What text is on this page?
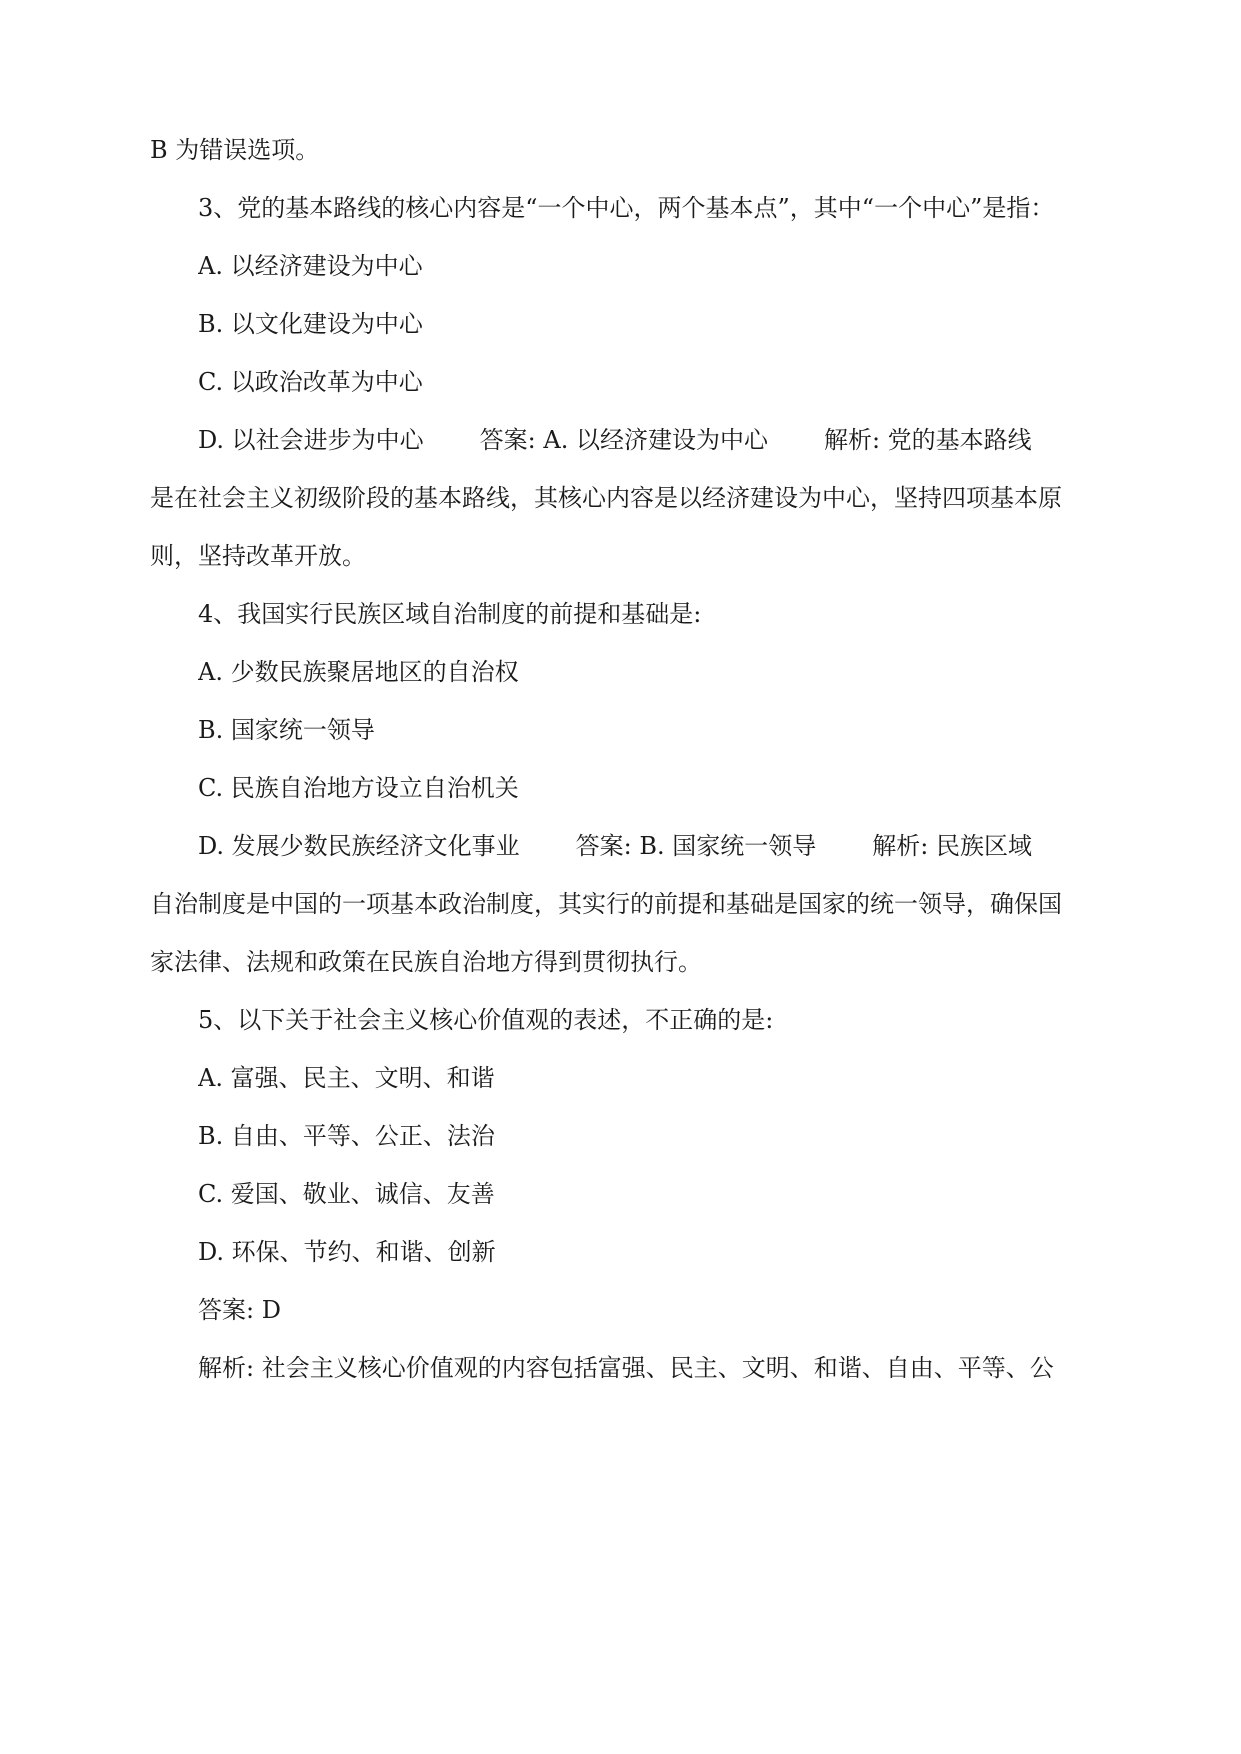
B 为错误选项。
3、党的基本路线的核心内容是“一个中心，两个基本点”，其中“一个中心”是指：
A. 以经济建设为中心
B. 以文化建设为中心
C. 以政治改革为中心
D. 以社会进步为中心 答案: A. 以经济建设为中心 解析: 党的基本路线
是在社会主义初级阶段的基本路线，其核心内容是以经济建设为中心，坚持四项基本原
则，坚持改革开放。
4、我国实行民族区域自治制度的前提和基础是:
A. 少数民族聚居地区的自治权
B. 国家统一领导
C. 民族自治地方设立自治机关
D. 发展少数民族经济文化事业 答案: B. 国家统一领导 解析: 民族区域
自治制度是中国的一项基本政治制度，其实行的前提和基础是国家的统一领导，确保国
家法律、法规和政策在民族自治地方得到贯彻执行。
5、以下关于社会主义核心价值观的表述，不正确的是:
A. 富强、民主、文明、和谐
B. 自由、平等、公正、法治
C. 爱国、敬业、诚信、友善
D. 环保、节约、和谐、创新
答案: D
解析: 社会主义核心价值观的内容包括富强、民主、文明、和谐、自由、平等、公
